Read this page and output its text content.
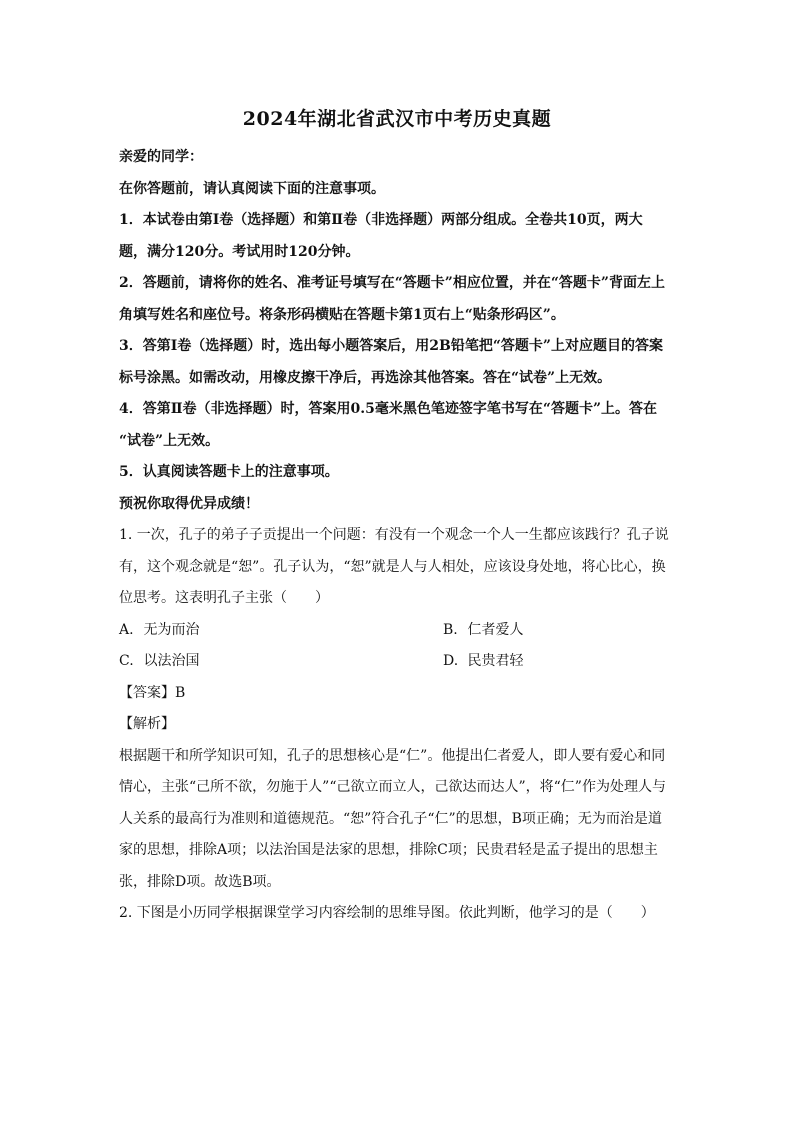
2024年湖北省武汉市中考历史真题
亲爱的同学：
在你答题前，请认真阅读下面的注意事项。
1．本试卷由第Ⅰ卷（选择题）和第Ⅱ卷（非选择题）两部分组成。全卷共10页，两大
题，满分120分。考试用时120分钟。
2．答题前，请将你的姓名、准考证号填写在“答题卡”相应位置，并在“答题卡”背面左上
角填写姓名和座位号。将条形码横贴在答题卡第1页右上“贴条形码区”。
3．答第Ⅰ卷（选择题）时，选出每小题答案后，用2B铅笔把“答题卡”上对应题目的答案
标号涂黑。如需改动，用橡皮擦干净后，再选涂其他答案。答在“试卷”上无效。
4．答第Ⅱ卷（非选择题）时，答案用0.5毫米黑色笔迹签字笔书写在“答题卡”上。答在
“试卷”上无效。
5．认真阅读答题卡上的注意事项。
预祝你取得优异成绩！
1. 一次，孔子的弟子子贡提出一个问题：有没有一个观念一个人一生都应该践行？孔子说
有，这个观念就是“恕”。孔子认为，“恕”就是人与人相处，应该设身处地，将心比心，换
位思考。这表明孔子主张（　　）
A. 无为而治	B. 仁者爱人
C. 以法治国	D. 民贵君轻
【答案】B
【解析】
根据题干和所学知识可知，孔子的思想核心是“仁”。他提出仁者爱人，即人要有爱心和同
情心，主张“己所不欲，勿施于人”“己欲立而立人，己欲达而达人”，将“仁”作为处理人与
人关系的最高行为准则和道德规范。“恕”符合孔子“仁”的思想，B项正确；无为而治是道
家的思想，排除A项；以法治国是法家的思想，排除C项；民贵君轻是孟子提出的思想主
张，排除D项。故选B项。
2. 下图是小历同学根据课堂学习内容绘制的思维导图。依此判断，他学习的是（　　）
